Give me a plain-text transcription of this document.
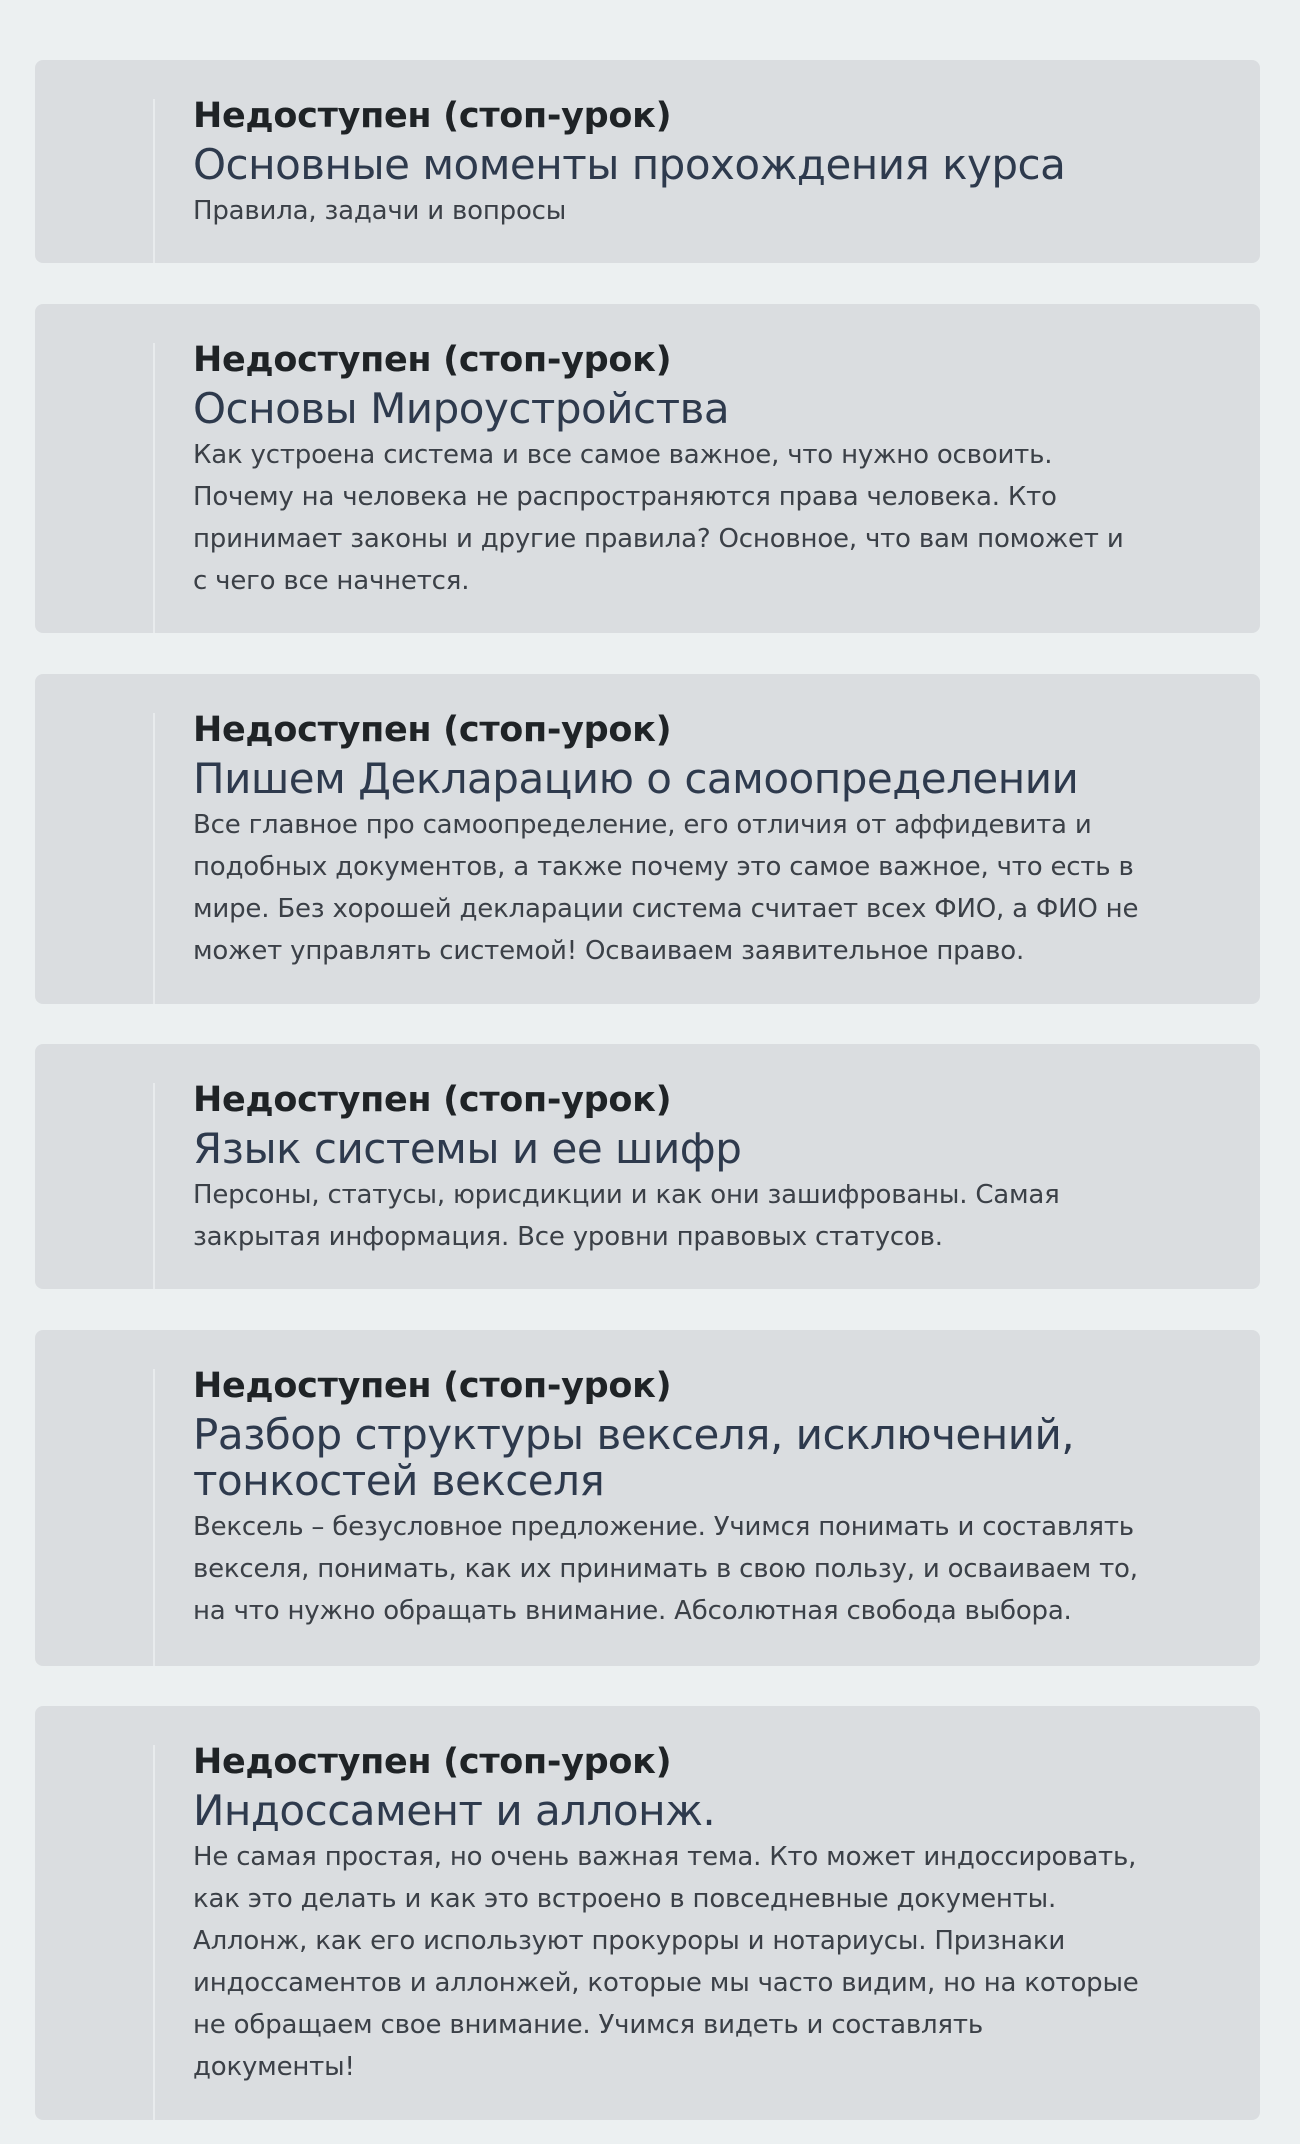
Недоступен (стоп-урок)
Основные моменты прохождения курса
Правила, задачи и вопросы
Недоступен (стоп-урок)
Основы Мироустройства
Как устроена система и все самое важное, что нужно освоить. Почему на человека не распространяются права человека. Кто принимает законы и другие правила? Основное, что вам поможет и с чего все начнется.
Недоступен (стоп-урок)
Пишем Декларацию о самоопределении
Все главное про самоопределение, его отличия от аффидевита и подобных документов, а также почему это самое важное, что есть в мире. Без хорошей декларации система считает всех ФИО, а ФИО не может управлять системой! Осваиваем заявительное право.
Недоступен (стоп-урок)
Язык системы и ее шифр
Персоны, статусы, юрисдикции и как они зашифрованы. Самая закрытая информация. Все уровни правовых статусов.
Недоступен (стоп-урок)
Разбор структуры векселя, исключений, тонкостей векселя
Вексель – безусловное предложение. Учимся понимать и составлять векселя, понимать, как их принимать в свою пользу, и осваиваем то, на что нужно обращать внимание. Абсолютная свобода выбора.
Недоступен (стоп-урок)
Индоссамент и аллонж.
Не самая простая, но очень важная тема. Кто может индоссировать, как это делать и как это встроено в повседневные документы. Аллонж, как его используют прокуроры и нотариусы. Признаки индоссаментов и аллонжей, которые мы часто видим, но на которые не обращаем свое внимание. Учимся видеть и составлять документы!
